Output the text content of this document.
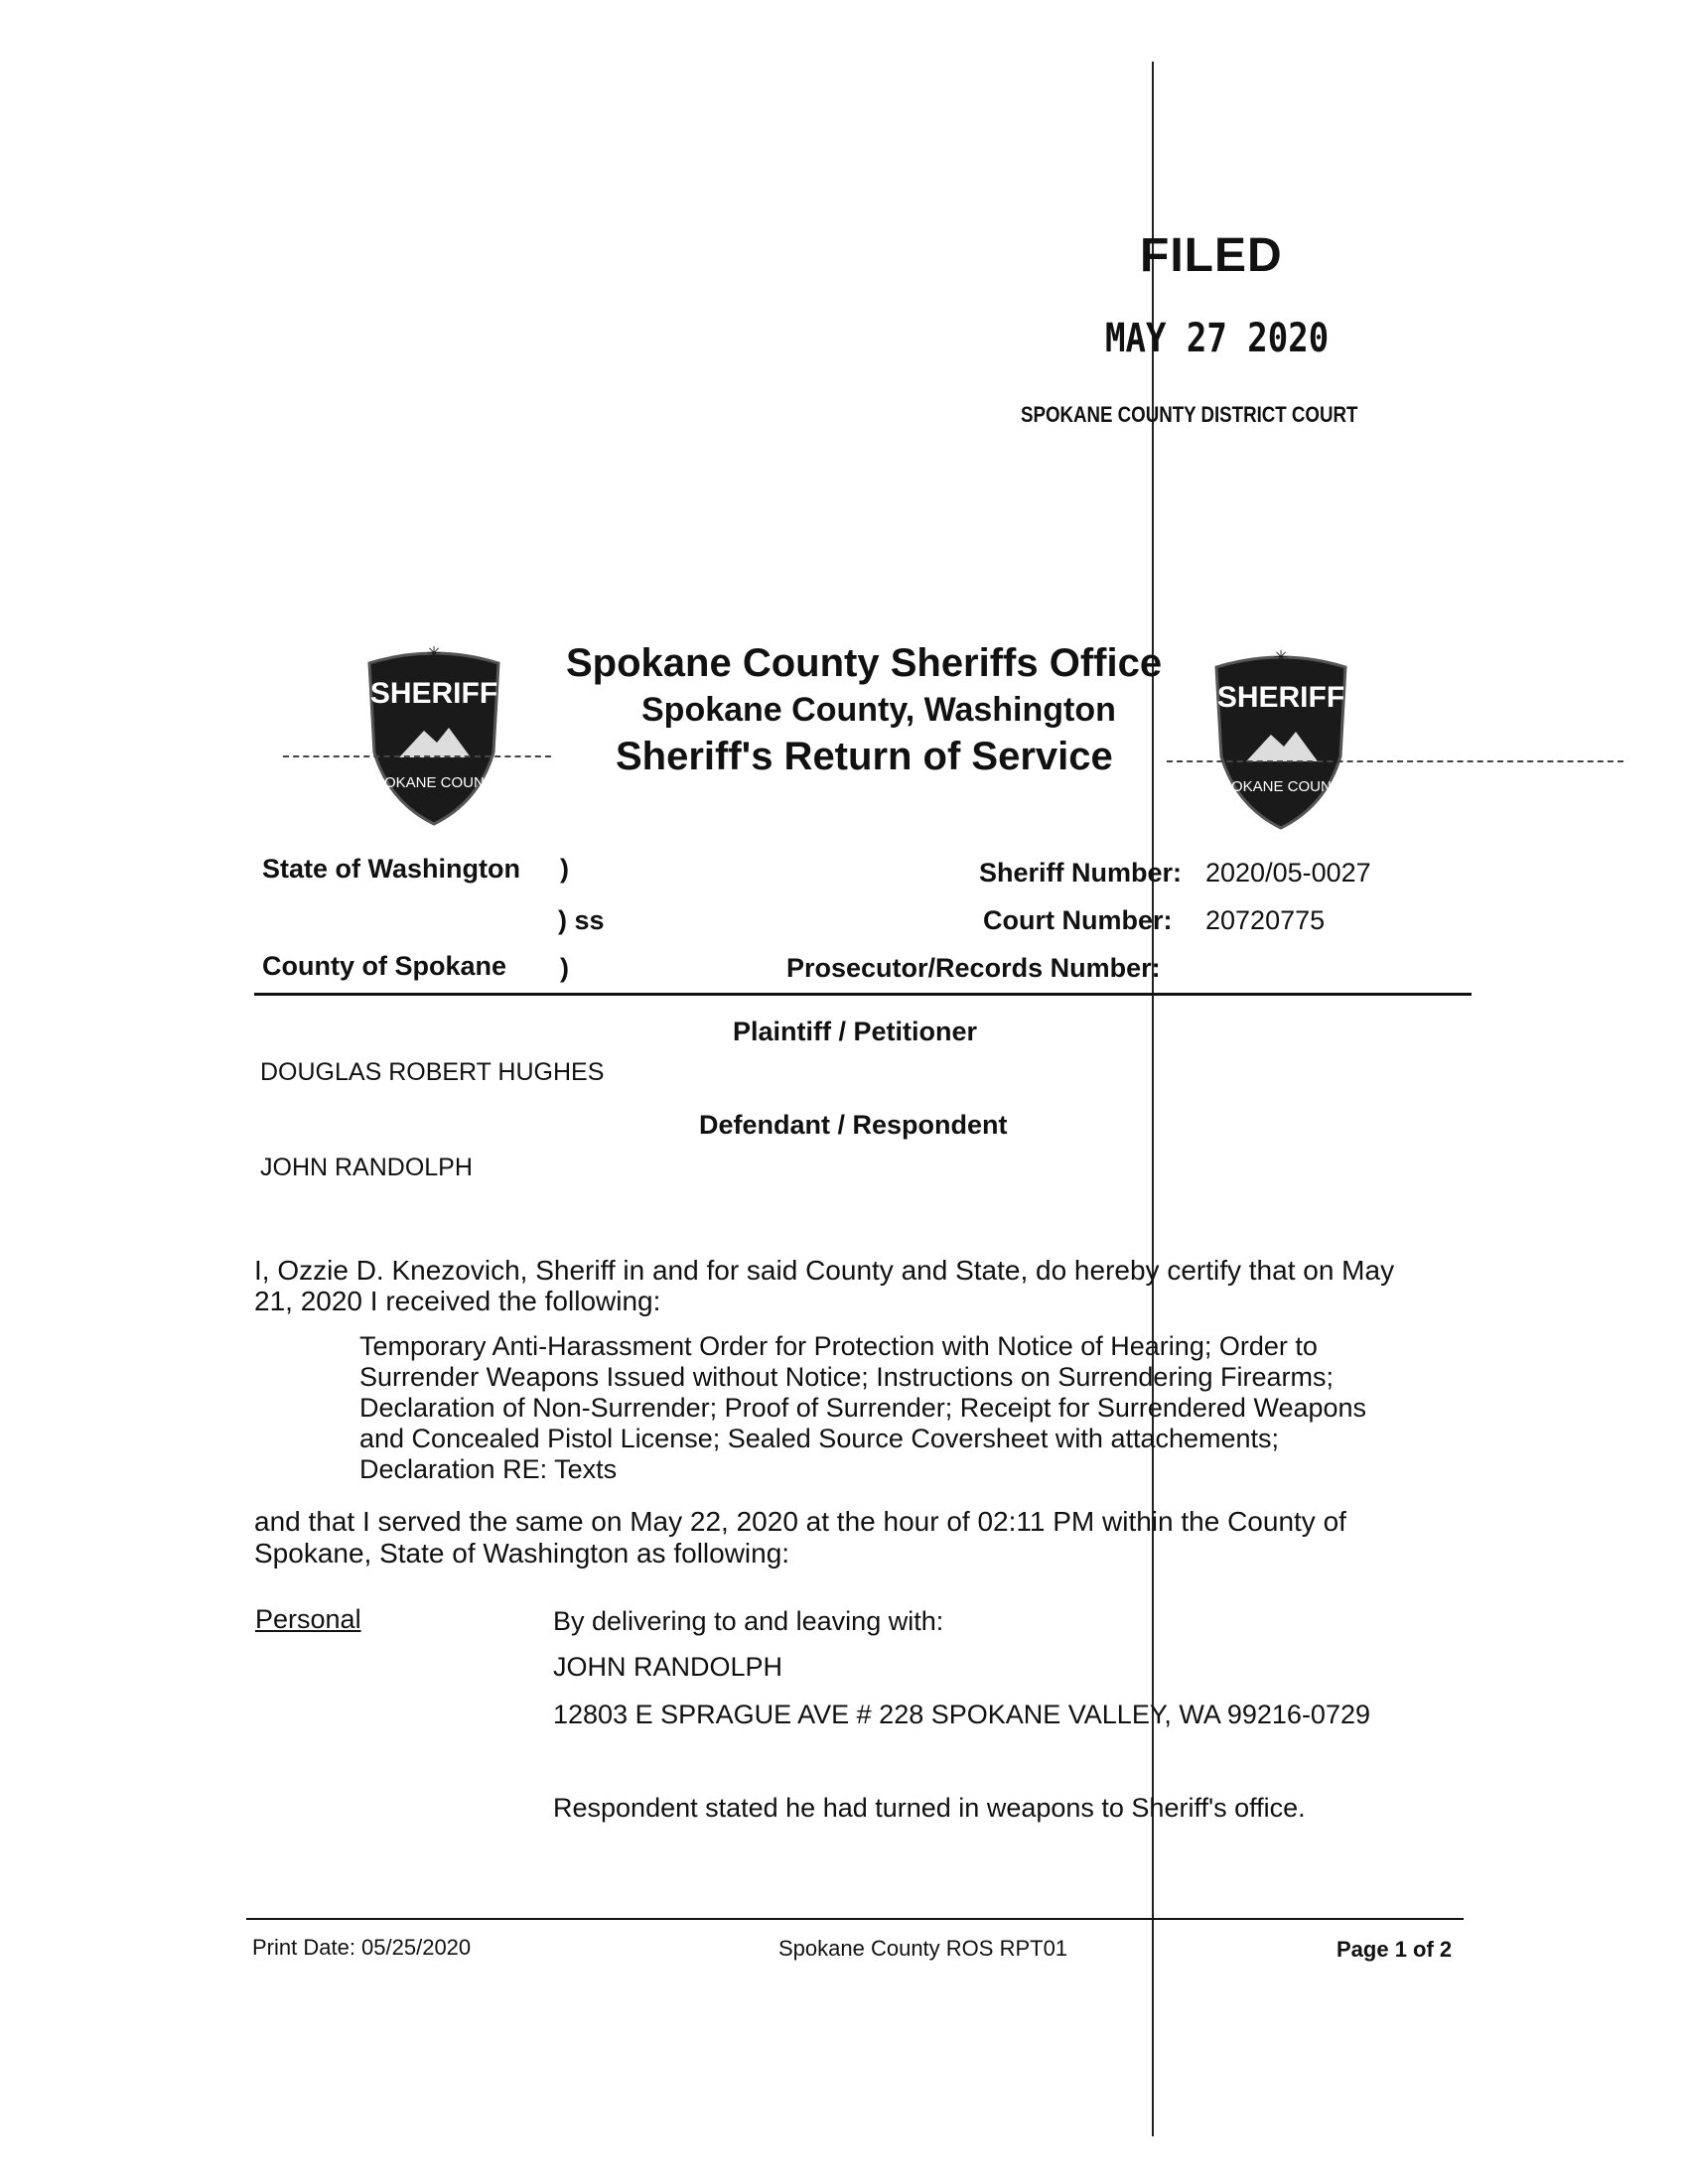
FILED
MAY 27 2020
SPOKANE COUNTY DISTRICT COURT
✳
SHERIFF
SPOKANE COUNTY
✳
SHERIFF
SPOKANE COUNTY
Spokane County Sheriffs Office
Spokane County, Washington
Sheriff's Return of Service
State of Washington )
) ss
County of Spokane )
Sheriff Number: 2020/05-0027
Court Number: 20720775
Prosecutor/Records Number:
Plaintiff / Petitioner
DOUGLAS ROBERT HUGHES
Defendant / Respondent
JOHN RANDOLPH
I, Ozzie D. Knezovich, Sheriff in and for said County and State, do hereby certify that on May
21, 2020 I received the following:
Temporary Anti-Harassment Order for Protection with Notice of Hearing; Order to
Surrender Weapons Issued without Notice; Instructions on Surrendering Firearms;
Declaration of Non-Surrender; Proof of Surrender; Receipt for Surrendered Weapons
and Concealed Pistol License; Sealed Source Coversheet with attachements;
Declaration RE: Texts
and that I served the same on May 22, 2020 at the hour of 02:11 PM within the County of
Spokane, State of Washington as following:
Personal	By delivering to and leaving with:
JOHN RANDOLPH
12803 E SPRAGUE AVE # 228 SPOKANE VALLEY, WA 99216-0729
Respondent stated he had turned in weapons to Sheriff's office.
Print Date: 05/25/2020	Spokane County ROS RPT01	Page 1 of 2
